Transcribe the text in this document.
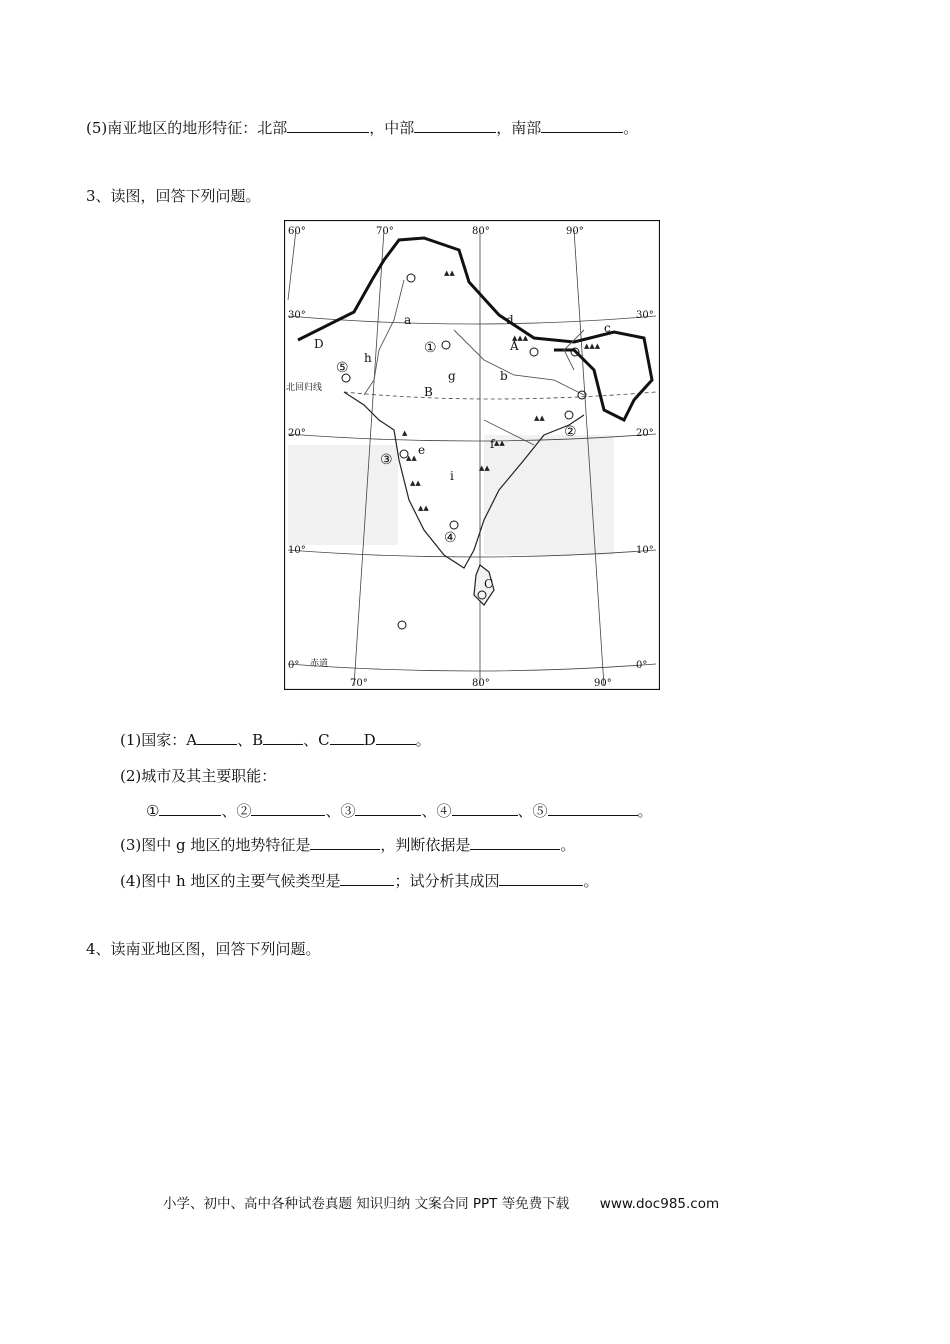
(5)南亚地区的地形特征：北部	，中部	，南部	。
3、读图，回答下列问题。
▲▲
▲▲▲
▲▲▲
▲
▲▲
▲▲
▲▲
▲▲
▲▲
▲▲
60°	70°	80°	90°
70°	80°	90°
30°
20°
10°
0°
30°
20°
10°
0°
北回归线
赤道
a
b
c
d
e	f
g
h
i
A
B
C
D	①
②
③
④
⑤
(1)国家：A	、B	、C D	。
(2)城市及其主要职能：
①	、②	、③	、④	、⑤	。
(3)图中 g 地区的地势特征是	，判断依据是	。
(4)图中 h 地区的主要气候类型是	；试分析其成因	。
4、读南亚地区图，回答下列问题。
小学、初中、高中各种试卷真题 知识归纳 文案合同 PPT 等免费下载 www.doc985.com
